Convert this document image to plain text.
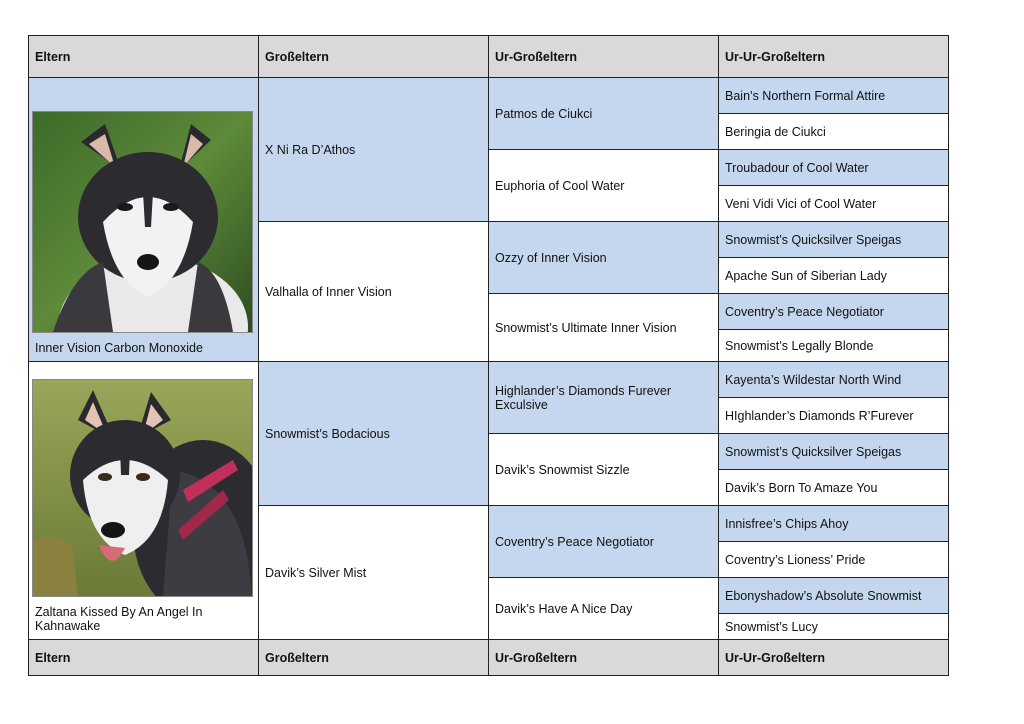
Eltern	Großeltern	Ur-Großeltern	Ur-Ur-Großeltern

Inner Vision Carbon Monoxide	X Ni Ra D’Athos	Patmos de Ciukci	Bain’s Northern Formal Attire
			Beringia de Ciukci
		Euphoria of Cool Water	Troubadour of Cool Water
			Veni Vidi Vici of Cool Water
	Valhalla of Inner Vision	Ozzy of Inner Vision	Snowmist’s Quicksilver Speigas
			Apache Sun of Siberian Lady
		Snowmist’s Ultimate Inner Vision	Coventry’s Peace Negotiator
			Snowmist’s Legally Blonde

Zaltana Kissed By An Angel In Kahnawake	Snowmist’s Bodacious	Highlander’s Diamonds Furever Exculsive	Kayenta’s Wildestar North Wind
			HIghlander’s Diamonds R’Furever
		Davik’s Snowmist Sizzle	Snowmist’s Quicksilver Speigas
			Davik’s Born To Amaze You
	Davik’s Silver Mist	Coventry’s Peace Negotiator	Innisfree’s Chips Ahoy
			Coventry’s Lioness’ Pride
		Davik’s Have A Nice Day	Ebonyshadow’s Absolute Snowmist
			Snowmist’s Lucy
Eltern	Großeltern	Ur-Großeltern	Ur-Ur-Großeltern
